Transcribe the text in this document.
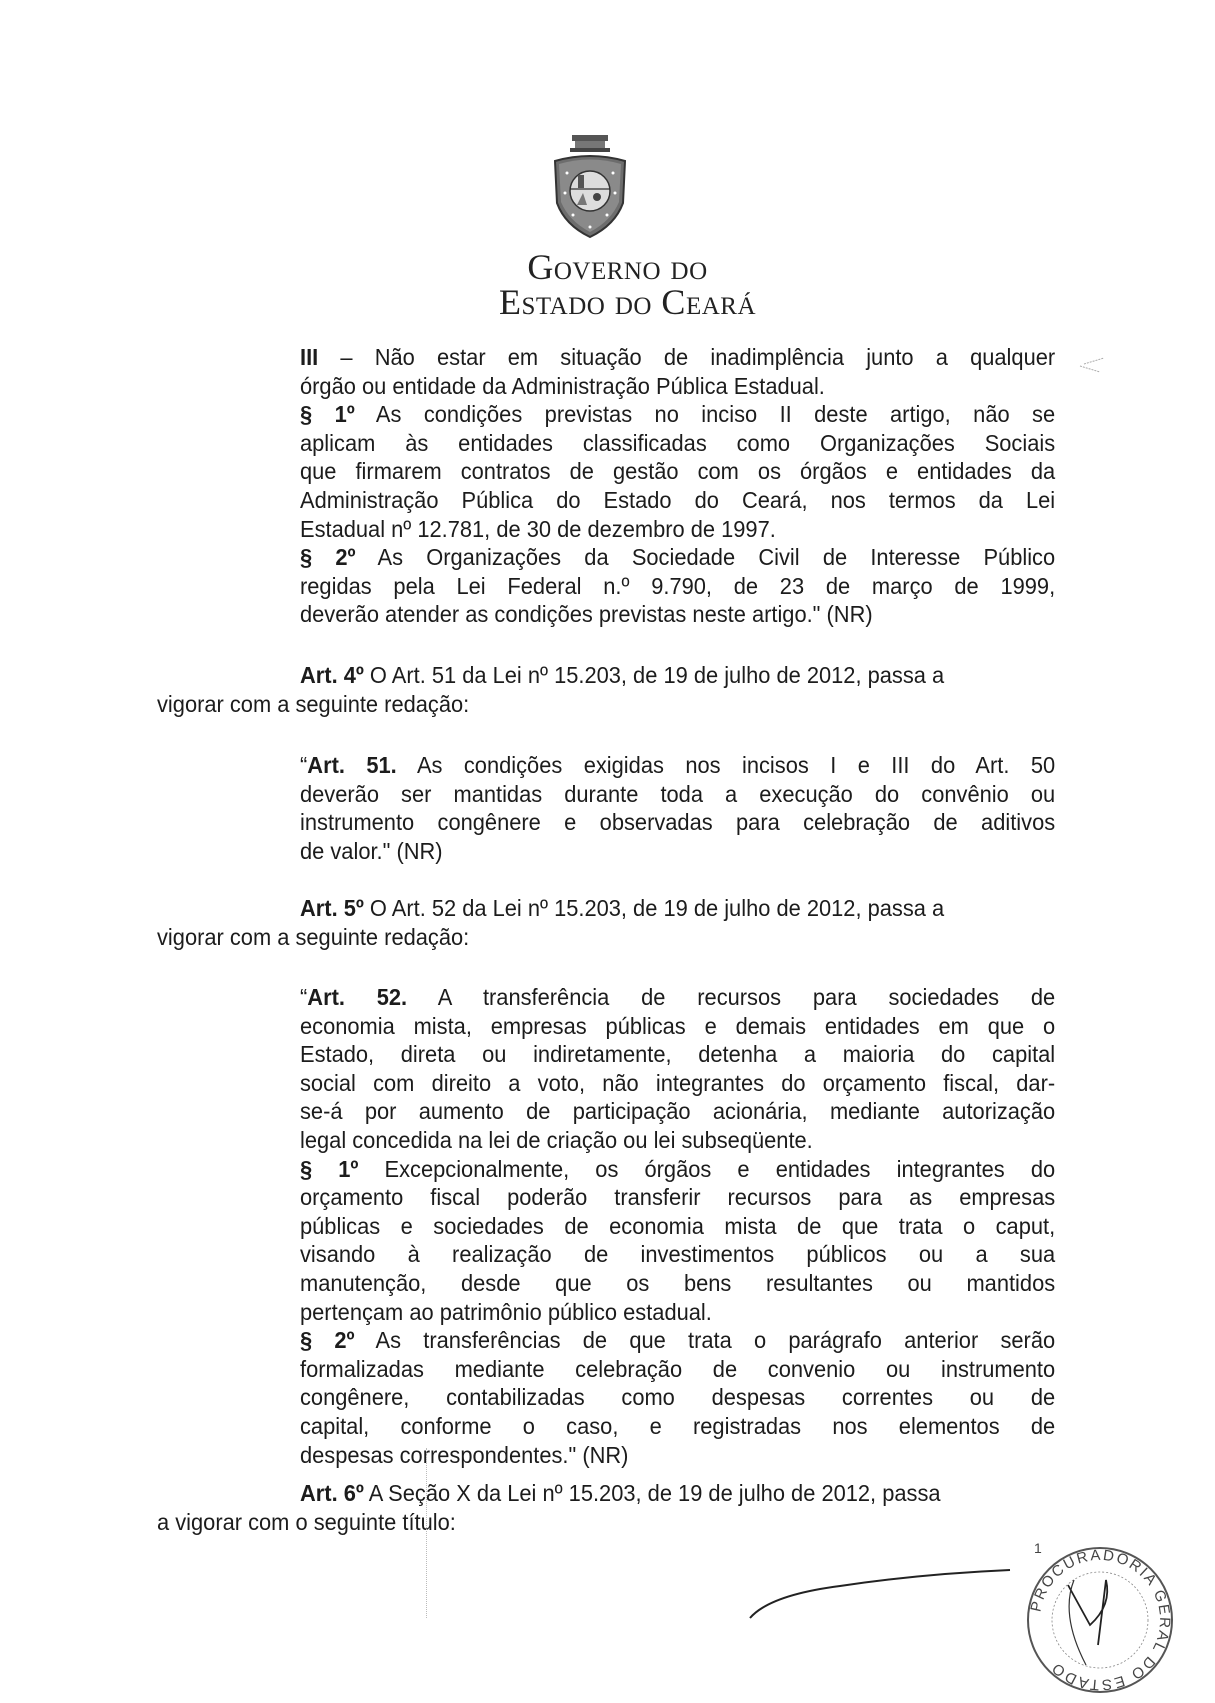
Governo do
Estado do Ceará
III – Não estar em situação de inadimplência junto a qualquer
órgão ou entidade da Administração Pública Estadual.
§ 1º As condições previstas no inciso II deste artigo, não se
aplicam às entidades classificadas como Organizações Sociais
que firmarem contratos de gestão com os órgãos e entidades da
Administração Pública do Estado do Ceará, nos termos da Lei
Estadual nº 12.781, de 30 de dezembro de 1997.
§ 2º As Organizações da Sociedade Civil de Interesse Público
regidas pela Lei Federal n.º 9.790, de 23 de março de 1999,
deverão atender as condições previstas neste artigo." (NR)
Art. 4º O Art. 51 da Lei nº 15.203, de 19 de julho de 2012, passa a
vigorar com a seguinte redação:
“Art. 51. As condições exigidas nos incisos I e III do Art. 50
deverão ser mantidas durante toda a execução do convênio ou
instrumento congênere e observadas para celebração de aditivos
de valor." (NR)
Art. 5º O Art. 52 da Lei nº 15.203, de 19 de julho de 2012, passa a
vigorar com a seguinte redação:
“Art. 52. A transferência de recursos para sociedades de
economia mista, empresas públicas e demais entidades em que o
Estado, direta ou indiretamente, detenha a maioria do capital
social com direito a voto, não integrantes do orçamento fiscal, dar-
se-á por aumento de participação acionária, mediante autorização
legal concedida na lei de criação ou lei subseqüente.
§ 1º Excepcionalmente, os órgãos e entidades integrantes do
orçamento fiscal poderão transferir recursos para as empresas
públicas e sociedades de economia mista de que trata o caput,
visando à realização de investimentos públicos ou a sua
manutenção, desde que os bens resultantes ou mantidos
pertençam ao patrimônio público estadual.
§ 2º As transferências de que trata o parágrafo anterior serão
formalizadas mediante celebração de convenio ou instrumento
congênere, contabilizadas como despesas correntes ou de
capital, conforme o caso, e registradas nos elementos de
despesas correspondentes." (NR)
Art. 6º A Seção X da Lei nº 15.203, de 19 de julho de 2012, passa
a vigorar com o seguinte título:
1
PROCURADORIA GERAL DO ESTADO
